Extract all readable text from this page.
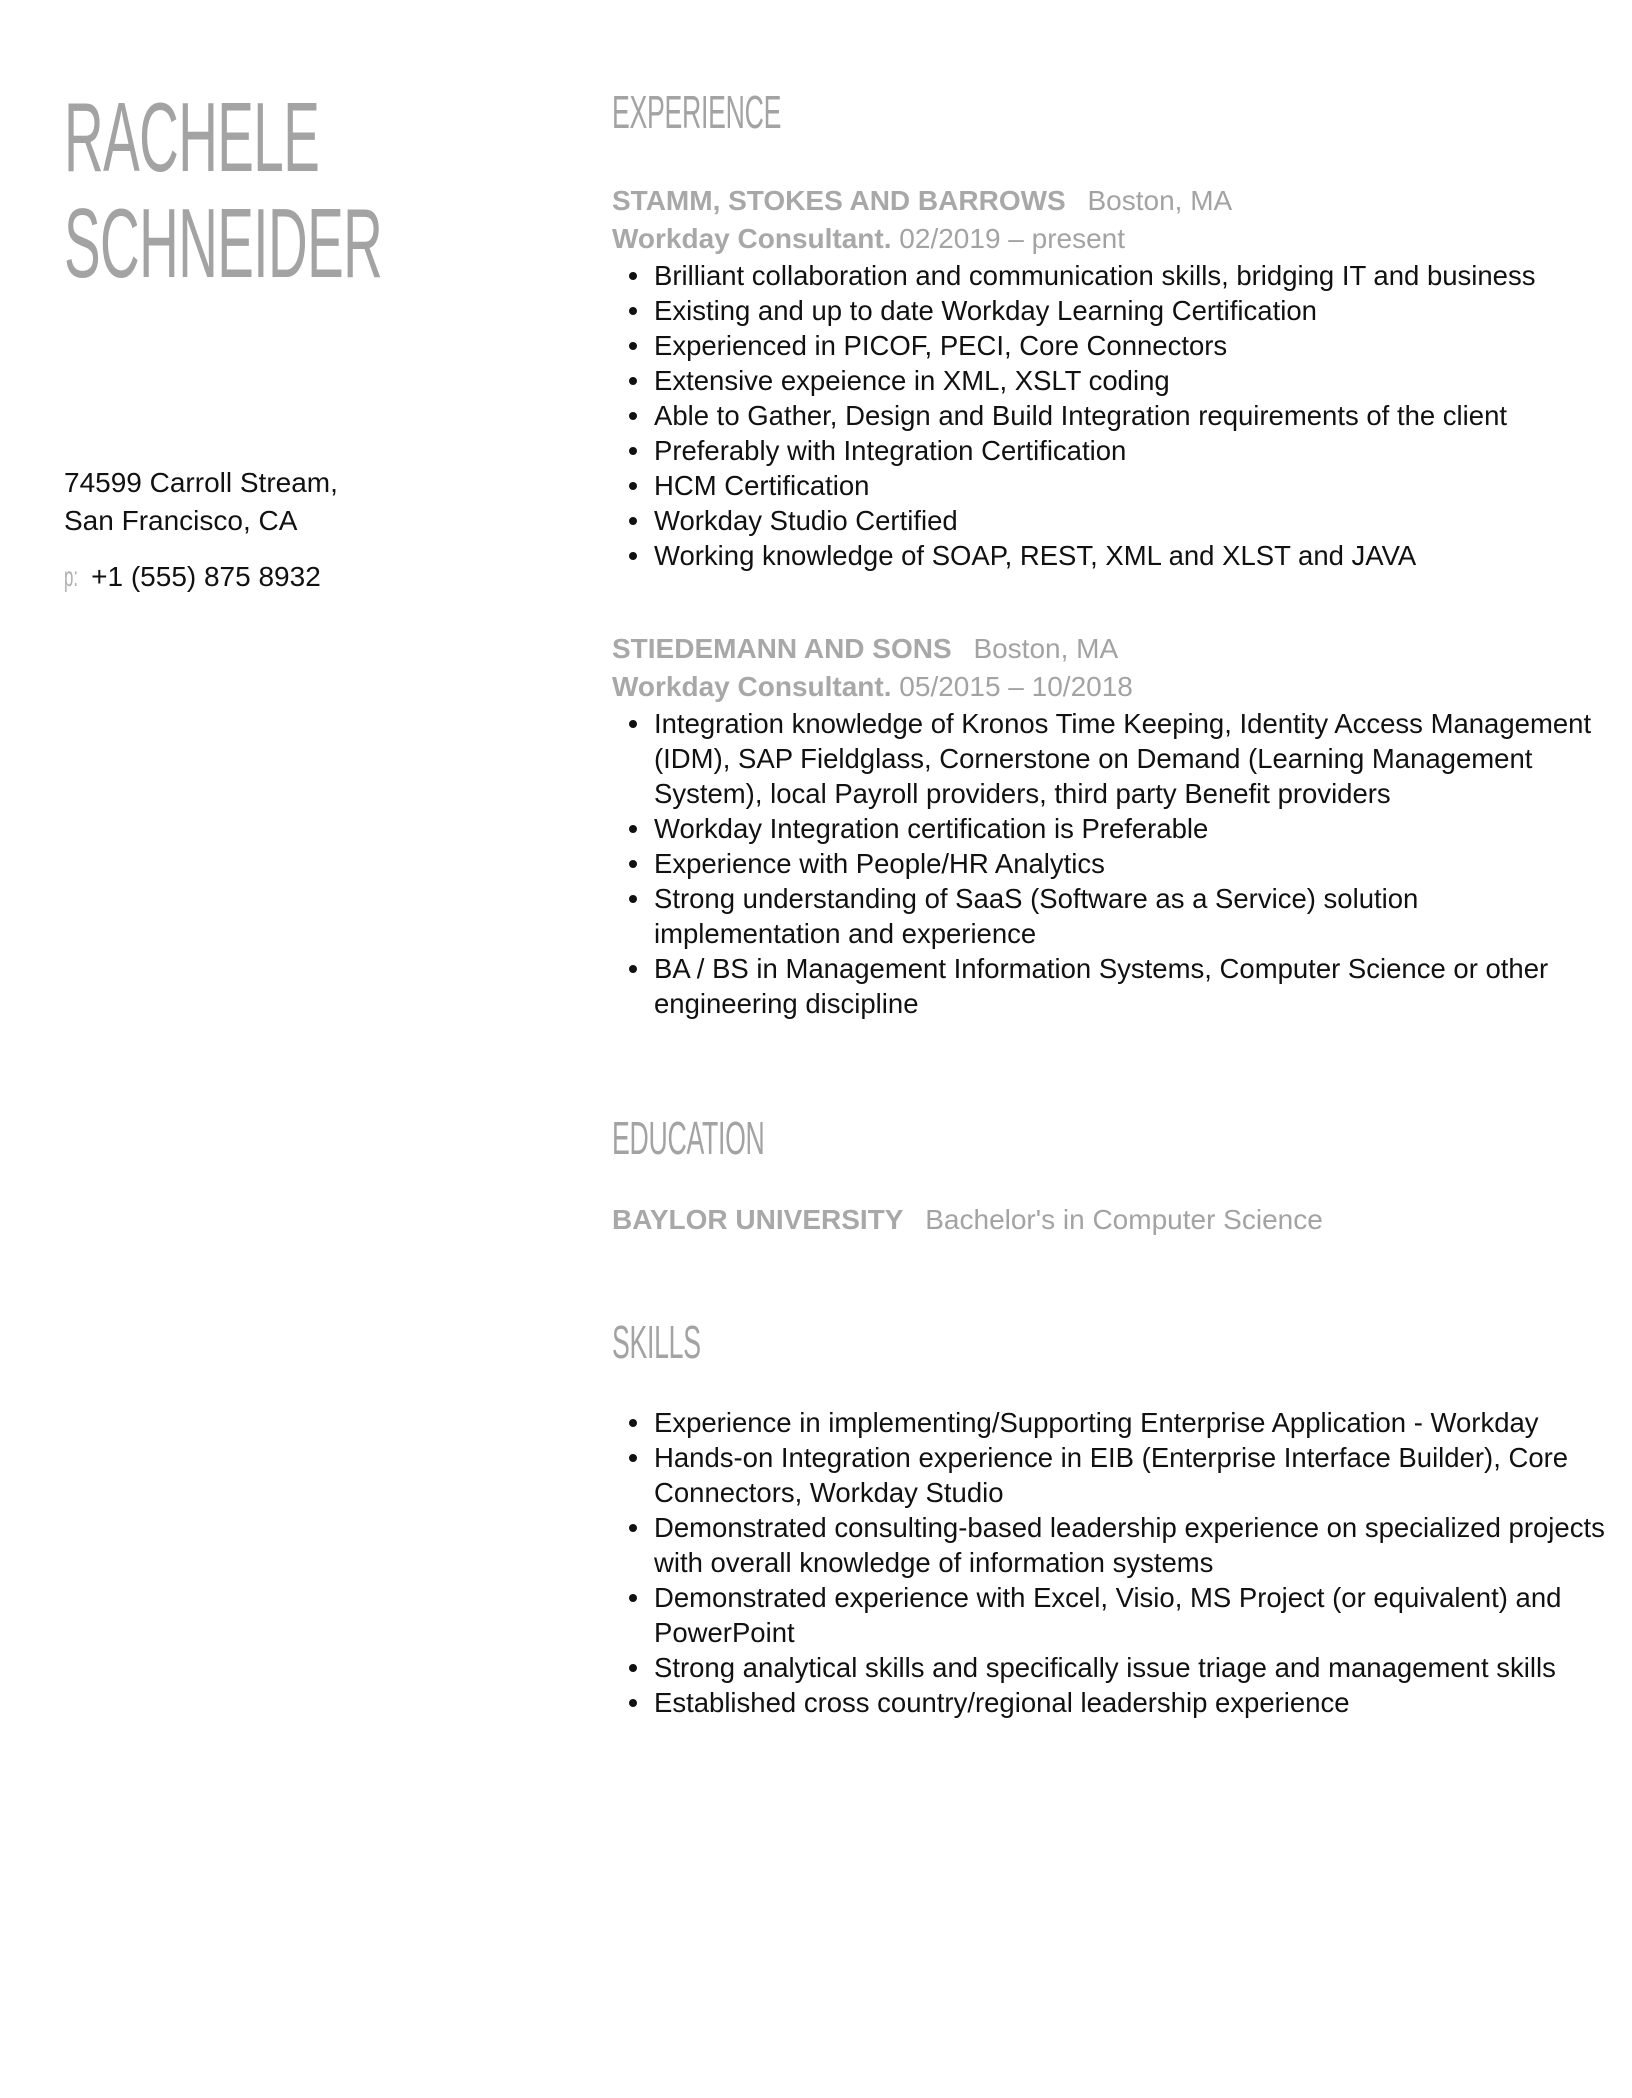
RACHELE
SCHNEIDER
74599 Carroll Stream,
San Francisco, CA
p: +1 (555) 875 8932
EXPERIENCE
STAMM, STOKES AND BARROWS Boston, MA
Workday Consultant. 02/2019 – present
Brilliant collaboration and communication skills, bridging IT and business
Existing and up to date Workday Learning Certification
Experienced in PICOF, PECI, Core Connectors
Extensive expeience in XML, XSLT coding
Able to Gather, Design and Build Integration requirements of the client
Preferably with Integration Certification
HCM Certification
Workday Studio Certified
Working knowledge of SOAP, REST, XML and XLST and JAVA
STIEDEMANN AND SONS Boston, MA
Workday Consultant. 05/2015 – 10/2018
Integration knowledge of Kronos Time Keeping, Identity Access Management (IDM), SAP Fieldglass, Cornerstone on Demand (Learning Management System), local Payroll providers, third party Benefit providers
Workday Integration certification is Preferable
Experience with People/HR Analytics
Strong understanding of SaaS (Software as a Service) solution implementation and experience
BA / BS in Management Information Systems, Computer Science or other engineering discipline
EDUCATION
BAYLOR UNIVERSITY Bachelor's in Computer Science
SKILLS
Experience in implementing/Supporting Enterprise Application - Workday
Hands-on Integration experience in EIB (Enterprise Interface Builder), Core Connectors, Workday Studio
Demonstrated consulting-based leadership experience on specialized projects with overall knowledge of information systems
Demonstrated experience with Excel, Visio, MS Project (or equivalent) and PowerPoint
Strong analytical skills and specifically issue triage and management skills
Established cross country/regional leadership experience
